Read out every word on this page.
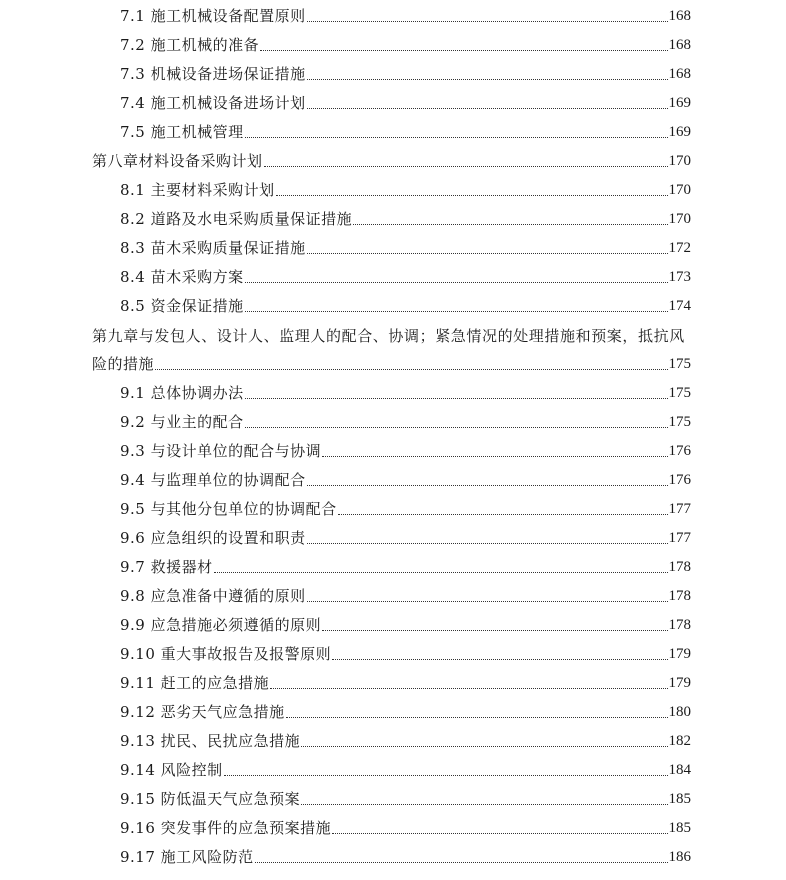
7.1 施工机械设备配置原则	168
7.2 施工机械的准备	168
7.3 机械设备进场保证措施	168
7.4 施工机械设备进场计划	169
7.5 施工机械管理	169
第八章材料设备采购计划	170
8.1 主要材料采购计划	170
8.2 道路及水电采购质量保证措施	170
8.3 苗木采购质量保证措施	172
8.4 苗木采购方案	173
8.5 资金保证措施	174
第九章与发包人、设计人、监理人的配合、协调；紧急情况的处理措施和预案，抵抗风
险的措施	175
9.1 总体协调办法	175
9.2 与业主的配合	175
9.3 与设计单位的配合与协调	176
9.4 与监理单位的协调配合	176
9.5 与其他分包单位的协调配合	177
9.6 应急组织的设置和职责	177
9.7 救援器材	178
9.8 应急准备中遵循的原则	178
9.9 应急措施必须遵循的原则	178
9.10 重大事故报告及报警原则	179
9.11 赶工的应急措施	179
9.12 恶劣天气应急措施	180
9.13 扰民、民扰应急措施	182
9.14 风险控制	184
9.15 防低温天气应急预案	185
9.16 突发事件的应急预案措施	185
9.17 施工风险防范	186
